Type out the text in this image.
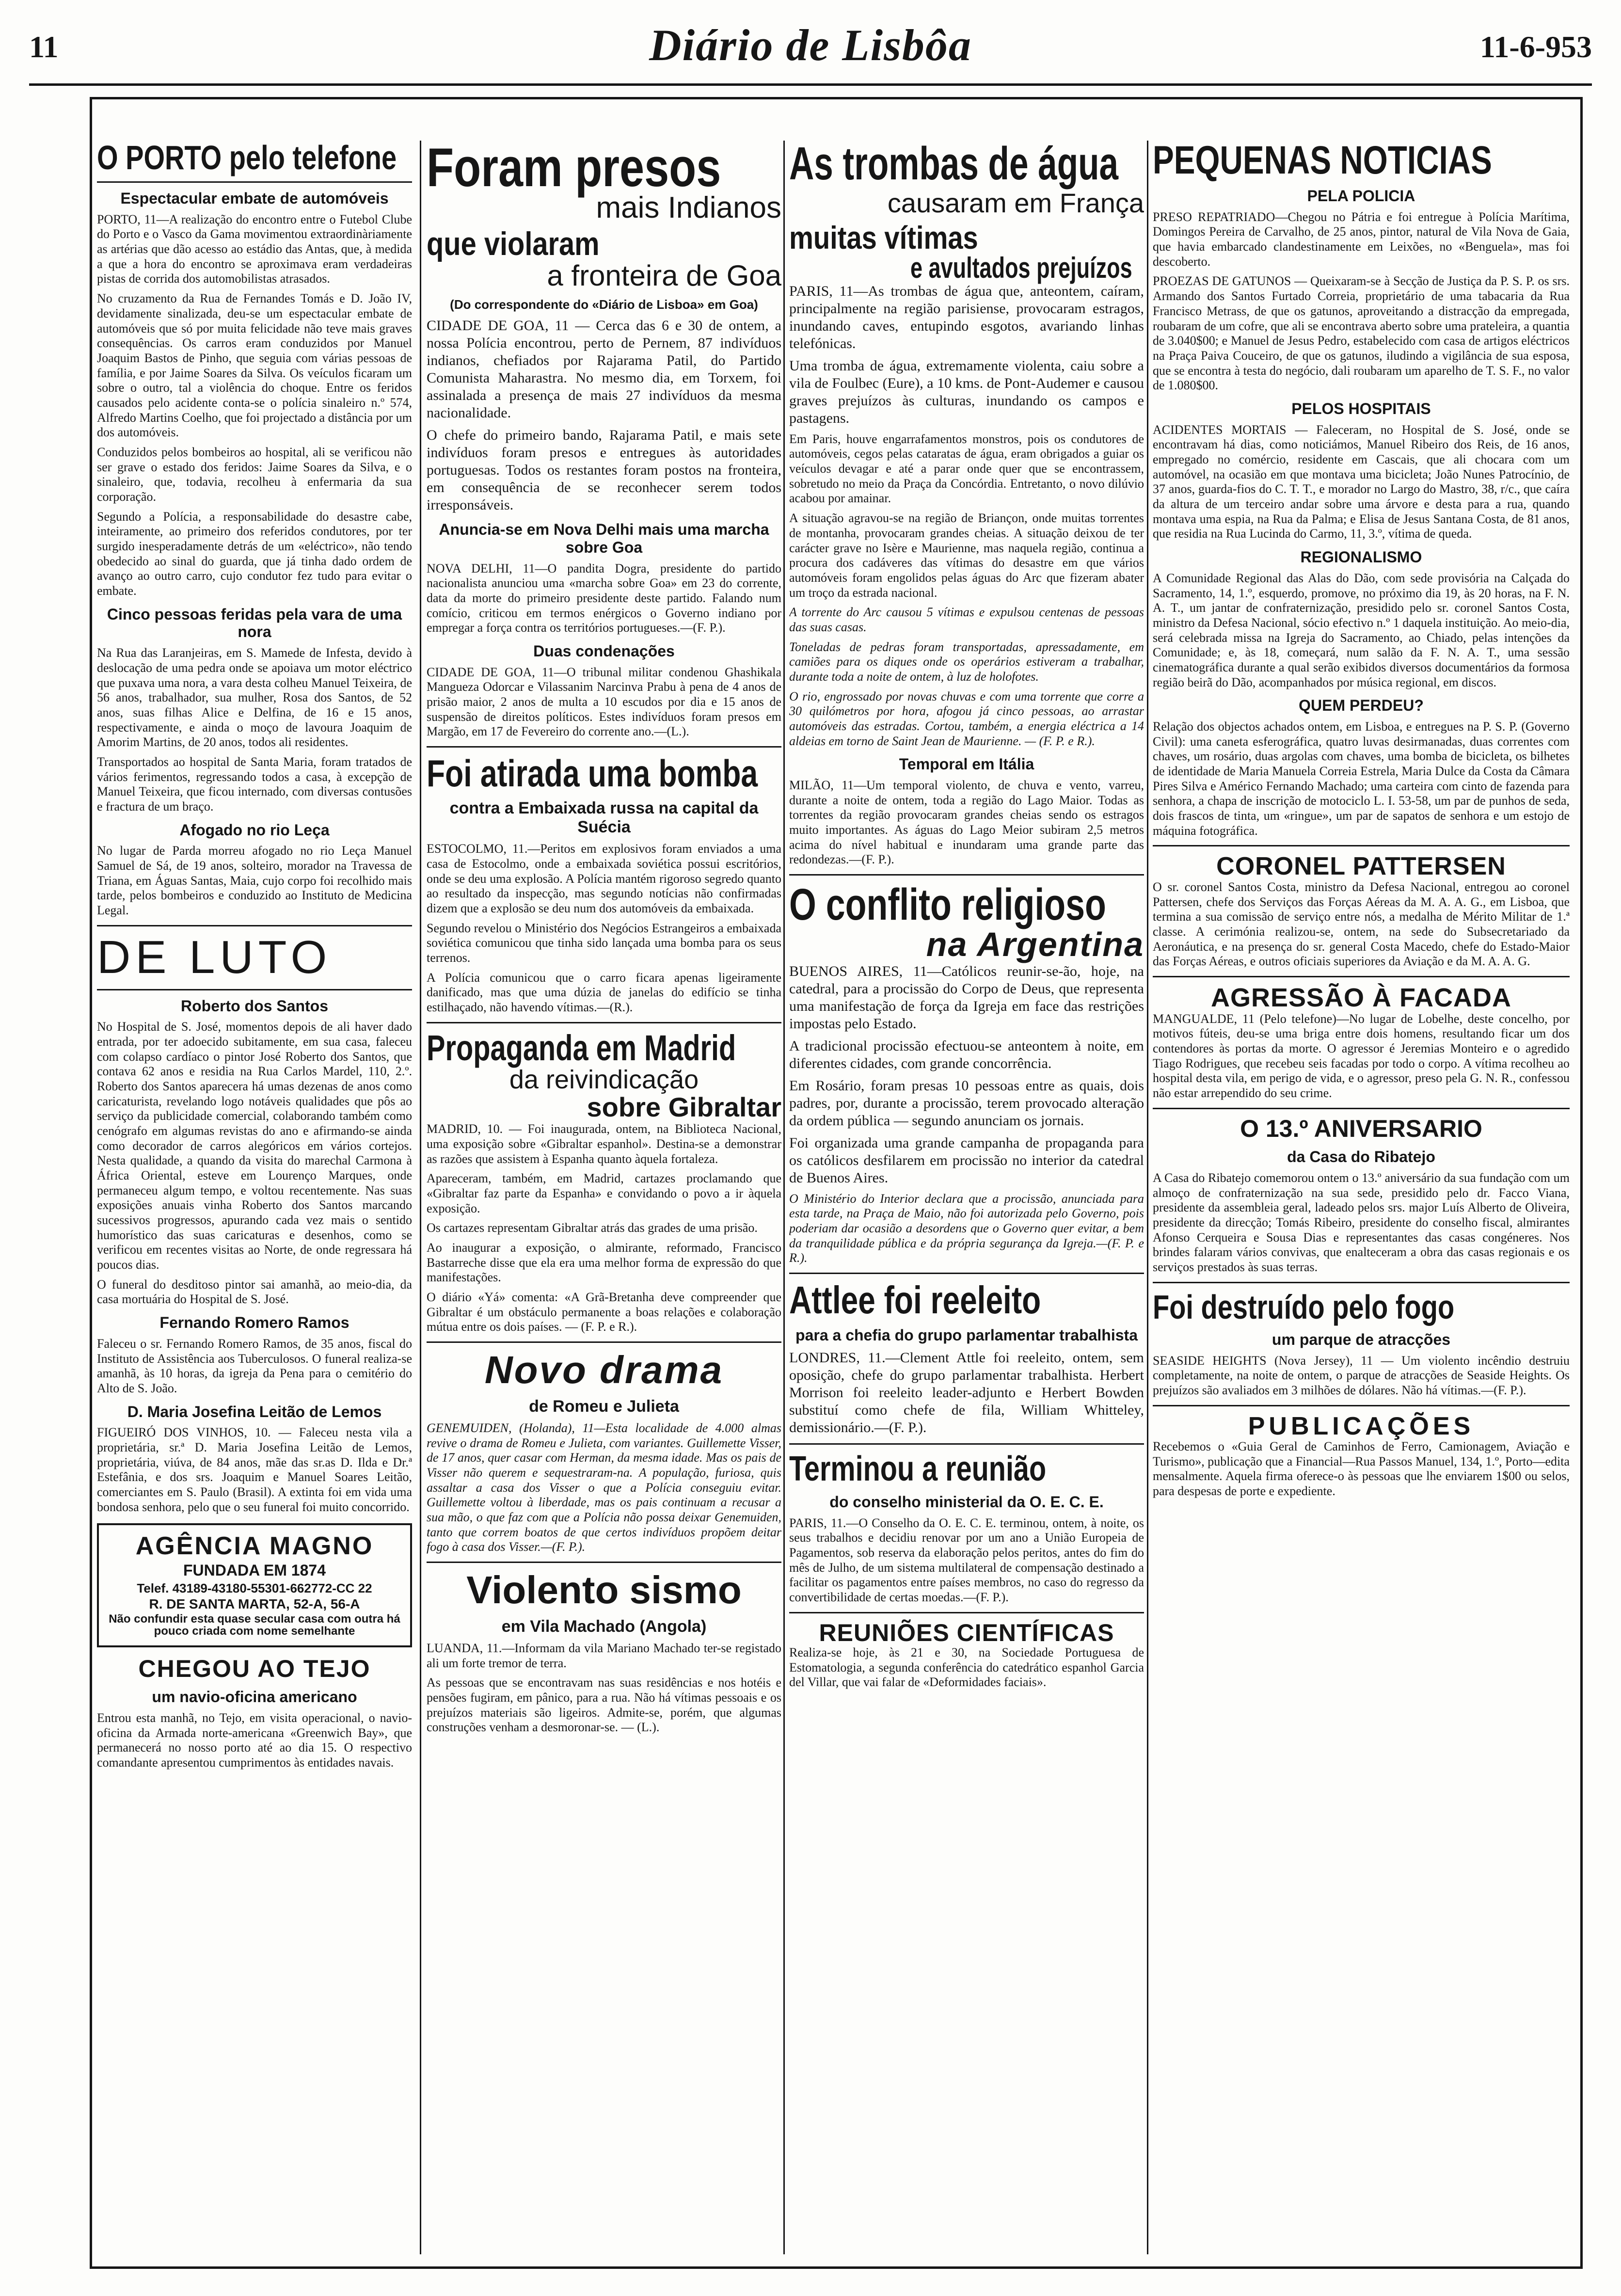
11	Diário de Lisbôa	11-6-953
O PORTO pelo telefone
Espectacular embate de automóveis

PORTO, 11—A realização do encontro entre o Futebol Clube do Porto e o Vasco da Gama movimentou extraordinàriamente as artérias que dão acesso ao estádio das Antas, que, à medida a que a hora do encontro se aproximava eram verdadeiras pistas de corrida dos automobilistas atrasados.

No cruzamento da Rua de Fernandes Tomás e D. João IV, devidamente sinalizada, deu-se um espectacular embate de automóveis que só por muita felicidade não teve mais graves consequências. Os carros eram conduzidos por Manuel Joaquim Bastos de Pinho, que seguia com várias pessoas de família, e por Jaime Soares da Silva. Os veículos ficaram um sobre o outro, tal a violência do choque. Entre os feridos causados pelo acidente conta-se o polícia sinaleiro n.º 574, Alfredo Martins Coelho, que foi projectado a distância por um dos automóveis.

Conduzidos pelos bombeiros ao hospital, ali se verificou não ser grave o estado dos feridos: Jaime Soares da Silva, e o sinaleiro, que, todavia, recolheu à enfermaria da sua corporação.

Segundo a Polícia, a responsabilidade do desastre cabe, inteiramente, ao primeiro dos referidos condutores, por ter surgido inesperadamente detrás de um «eléctrico», não tendo obedecido ao sinal do guarda, que já tinha dado ordem de avanço ao outro carro, cujo condutor fez tudo para evitar o embate.

Cinco pessoas feridas pela vara de uma nora

Na Rua das Laranjeiras, em S. Mamede de Infesta, devido à deslocação de uma pedra onde se apoiava um motor eléctrico que puxava uma nora, a vara desta colheu Manuel Teixeira, de 56 anos, trabalhador, sua mulher, Rosa dos Santos, de 52 anos, suas filhas Alice e Delfina, de 16 e 15 anos, respectivamente, e ainda o moço de lavoura Joaquim de Amorim Martins, de 20 anos, todos ali residentes.

Transportados ao hospital de Santa Maria, foram tratados de vários ferimentos, regressando todos a casa, à excepção de Manuel Teixeira, que ficou internado, com diversas contusões e fractura de um braço.

Afogado no rio Leça

No lugar de Parda morreu afogado no rio Leça Manuel Samuel de Sá, de 19 anos, solteiro, morador na Travessa de Triana, em Águas Santas, Maia, cujo corpo foi recolhido mais tarde, pelos bombeiros e conduzido ao Instituto de Medicina Legal.

DE LUTO
Roberto dos Santos

No Hospital de S. José, momentos depois de ali haver dado entrada, por ter adoecido subitamente, em sua casa, faleceu com colapso cardíaco o pintor José Roberto dos Santos, que contava 62 anos e residia na Rua Carlos Mardel, 110, 2.º. Roberto dos Santos aparecera há umas dezenas de anos como caricaturista, revelando logo notáveis qualidades que pôs ao serviço da publicidade comercial, colaborando também como cenógrafo em algumas revistas do ano e afirmando-se ainda como decorador de carros alegóricos em vários cortejos. Nesta qualidade, a quando da visita do marechal Carmona à África Oriental, esteve em Lourenço Marques, onde permaneceu algum tempo, e voltou recentemente. Nas suas exposições anuais vinha Roberto dos Santos marcando sucessivos progressos, apurando cada vez mais o sentido humorístico das suas caricaturas e desenhos, como se verificou em recentes visitas ao Norte, de onde regressara há poucos dias.

O funeral do desditoso pintor sai amanhã, ao meio-dia, da casa mortuária do Hospital de S. José.

Fernando Romero Ramos

Faleceu o sr. Fernando Romero Ramos, de 35 anos, fiscal do Instituto de Assistência aos Tuberculosos. O funeral realiza-se amanhã, às 10 horas, da igreja da Pena para o cemitério do Alto de S. João.

D. Maria Josefina Leitão de Lemos

FIGUEIRÓ DOS VINHOS, 10. — Faleceu nesta vila a proprietária, sr.ª D. Maria Josefina Leitão de Lemos, proprietária, viúva, de 84 anos, mãe das sr.as D. Ilda e Dr.ª Estefânia, e dos srs. Joaquim e Manuel Soares Leitão, comerciantes em S. Paulo (Brasil). A extinta foi em vida uma bondosa senhora, pelo que o seu funeral foi muito concorrido.

AGÊNCIA MAGNO
FUNDADA EM 1874
Telef. 43189-43180-55301-662772-CC 22
R. DE SANTA MARTA, 52-A, 56-A
Não confundir esta quase secular casa com outra há pouco criada com nome semelhante
CHEGOU AO TEJO
um navio-oficina americano

Entrou esta manhã, no Tejo, em visita operacional, o navio-oficina da Armada norte-americana «Greenwich Bay», que permanecerá no nosso porto até ao dia 15. O respectivo comandante apresentou cumprimentos às entidades navais.

Foram presos
mais Indianos
que violaram
a fronteira de Goa
(Do correspondente do «Diário de Lisboa» em Goa)

CIDADE DE GOA, 11 — Cerca das 6 e 30 de ontem, a nossa Polícia encontrou, perto de Pernem, 87 indivíduos indianos, chefiados por Rajarama Patil, do Partido Comunista Maharastra. No mesmo dia, em Torxem, foi assinalada a presença de mais 27 indivíduos da mesma nacionalidade.

O chefe do primeiro bando, Rajarama Patil, e mais sete indivíduos foram presos e entregues às autoridades portuguesas. Todos os restantes foram postos na fronteira, em consequência de se reconhecer serem todos irresponsáveis.

Anuncia-se em Nova Delhi mais uma marcha sobre Goa

NOVA DELHI, 11—O pandita Dogra, presidente do partido nacionalista anunciou uma «marcha sobre Goa» em 23 do corrente, data da morte do primeiro presidente deste partido. Falando num comício, criticou em termos enérgicos o Governo indiano por empregar a força contra os territórios portugueses.—(F. P.).

Duas condenações

CIDADE DE GOA, 11—O tribunal militar condenou Ghashikala Mangueza Odorcar e Vilassanim Narcinva Prabu à pena de 4 anos de prisão maior, 2 anos de multa a 10 escudos por dia e 15 anos de suspensão de direitos políticos. Estes indivíduos foram presos em Margão, em 17 de Fevereiro do corrente ano.—(L.).

Foi atirada uma bomba
contra a Embaixada russa na capital da Suécia

ESTOCOLMO, 11.—Peritos em explosivos foram enviados a uma casa de Estocolmo, onde a embaixada soviética possui escritórios, onde se deu uma explosão. A Polícia mantém rigoroso segredo quanto ao resultado da inspecção, mas segundo notícias não confirmadas dizem que a explosão se deu num dos automóveis da embaixada.

Segundo revelou o Ministério dos Negócios Estrangeiros a embaixada soviética comunicou que tinha sido lançada uma bomba para os seus terrenos.

A Polícia comunicou que o carro ficara apenas ligeiramente danificado, mas que uma dúzia de janelas do edifício se tinha estilhaçado, não havendo vítimas.—(R.).

Propaganda em Madrid
da reivindicação
sobre Gibraltar

MADRID, 10. — Foi inaugurada, ontem, na Biblioteca Nacional, uma exposição sobre «Gibraltar espanhol». Destina-se a demonstrar as razões que assistem à Espanha quanto àquela fortaleza.

Apareceram, também, em Madrid, cartazes proclamando que «Gibraltar faz parte da Espanha» e convidando o povo a ir àquela exposição.

Os cartazes representam Gibraltar atrás das grades de uma prisão.

Ao inaugurar a exposição, o almirante, reformado, Francisco Bastarreche disse que ela era uma melhor forma de expressão do que manifestações.

O diário «Yá» comenta: «A Grã-Bretanha deve compreender que Gibraltar é um obstáculo permanente a boas relações e colaboração mútua entre os dois países. — (F. P. e R.).

Novo drama
de Romeu e Julieta

GENEMUIDEN, (Holanda), 11—Esta localidade de 4.000 almas revive o drama de Romeu e Julieta, com variantes. Guillemette Visser, de 17 anos, quer casar com Herman, da mesma idade. Mas os pais de Visser não querem e sequestraram-na. A população, furiosa, quis assaltar a casa dos Visser o que a Polícia conseguiu evitar. Guillemette voltou à liberdade, mas os pais continuam a recusar a sua mão, o que faz com que a Polícia não possa deixar Genemuiden, tanto que correm boatos de que certos indivíduos propõem deitar fogo à casa dos Visser.—(F. P.).

Violento sismo
em Vila Machado (Angola)

LUANDA, 11.—Informam da vila Mariano Machado ter-se registado ali um forte tremor de terra.

As pessoas que se encontravam nas suas residências e nos hotéis e pensões fugiram, em pânico, para a rua. Não há vítimas pessoais e os prejuízos materiais são ligeiros. Admite-se, porém, que algumas construções venham a desmoronar-se. — (L.).

As trombas de água
causaram em França
muitas vítimas
e avultados prejuízos

PARIS, 11—As trombas de água que, anteontem, caíram, principalmente na região parisiense, provocaram estragos, inundando caves, entupindo esgotos, avariando linhas telefónicas.

Uma tromba de água, extremamente violenta, caiu sobre a vila de Foulbec (Eure), a 10 kms. de Pont-Audemer e causou graves prejuízos às culturas, inundando os campos e pastagens.

Em Paris, houve engarrafamentos monstros, pois os condutores de automóveis, cegos pelas cataratas de água, eram obrigados a guiar os veículos devagar e até a parar onde quer que se encontrassem, sobretudo no meio da Praça da Concórdia. Entretanto, o novo dilúvio acabou por amainar.

A situação agravou-se na região de Briançon, onde muitas torrentes de montanha, provocaram grandes cheias. A situação deixou de ter carácter grave no Isère e Maurienne, mas naquela região, continua a procura dos cadáveres das vítimas do desastre em que vários automóveis foram engolidos pelas águas do Arc que fizeram abater um troço da estrada nacional.

A torrente do Arc causou 5 vítimas e expulsou centenas de pessoas das suas casas.

Toneladas de pedras foram transportadas, apressadamente, em camiões para os diques onde os operários estiveram a trabalhar, durante toda a noite de ontem, à luz de holofotes.

O rio, engrossado por novas chuvas e com uma torrente que corre a 30 quilómetros por hora, afogou já cinco pessoas, ao arrastar automóveis das estradas. Cortou, também, a energia eléctrica a 14 aldeias em torno de Saint Jean de Maurienne. — (F. P. e R.).

Temporal em Itália

MILÃO, 11—Um temporal violento, de chuva e vento, varreu, durante a noite de ontem, toda a região do Lago Maior. Todas as torrentes da região provocaram grandes cheias sendo os estragos muito importantes. As águas do Lago Meior subiram 2,5 metros acima do nível habitual e inundaram uma grande parte das redondezas.—(F. P.).

O conflito religioso
na Argentina

BUENOS AIRES, 11—Católicos reunir-se-ão, hoje, na catedral, para a procissão do Corpo de Deus, que representa uma manifestação de força da Igreja em face das restrições impostas pelo Estado.

A tradicional procissão efectuou-se anteontem à noite, em diferentes cidades, com grande concorrência.

Em Rosário, foram presas 10 pessoas entre as quais, dois padres, por, durante a procissão, terem provocado alteração da ordem pública — segundo anunciam os jornais.

Foi organizada uma grande campanha de propaganda para os católicos desfilarem em procissão no interior da catedral de Buenos Aires.

O Ministério do Interior declara que a procissão, anunciada para esta tarde, na Praça de Maio, não foi autorizada pelo Governo, pois poderiam dar ocasião a desordens que o Governo quer evitar, a bem da tranquilidade pública e da própria segurança da Igreja.—(F. P. e R.).

Attlee foi reeleito
para a chefia do grupo parlamentar trabalhista

LONDRES, 11.—Clement Attle foi reeleito, ontem, sem oposição, chefe do grupo parlamentar trabalhista. Herbert Morrison foi reeleito leader-adjunto e Herbert Bowden substituí como chefe de fila, William Whitteley, demissionário.—(F. P.).

Terminou a reunião
do conselho ministerial da O. E. C. E.

PARIS, 11.—O Conselho da O. E. C. E. terminou, ontem, à noite, os seus trabalhos e decidiu renovar por um ano a União Europeia de Pagamentos, sob reserva da elaboração pelos peritos, antes do fim do mês de Julho, de um sistema multilateral de compensação destinado a facilitar os pagamentos entre países membros, no caso do regresso da convertibilidade de certas moedas.—(F. P.).

REUNIÕES CIENTÍFICAS

Realiza-se hoje, às 21 e 30, na Sociedade Portuguesa de Estomatologia, a segunda conferência do catedrático espanhol Garcia del Villar, que vai falar de «Deformidades faciais».

PEQUENAS NOTICIAS
PELA POLICIA

PRESO REPATRIADO—Chegou no Pátria e foi entregue à Polícia Marítima, Domingos Pereira de Carvalho, de 25 anos, pintor, natural de Vila Nova de Gaia, que havia embarcado clandestinamente em Leixões, no «Benguela», mas foi descoberto.

PROEZAS DE GATUNOS — Queixaram-se à Secção de Justiça da P. S. P. os srs. Armando dos Santos Furtado Correia, proprietário de uma tabacaria da Rua Francisco Metrass, de que os gatunos, aproveitando a distracção da empregada, roubaram de um cofre, que ali se encontrava aberto sobre uma prateleira, a quantia de 3.040$00; e Manuel de Jesus Pedro, estabelecido com casa de artigos eléctricos na Praça Paiva Couceiro, de que os gatunos, iludindo a vigilância de sua esposa, que se encontra à testa do negócio, dali roubaram um aparelho de T. S. F., no valor de 1.080$00.

PELOS HOSPITAIS

ACIDENTES MORTAIS — Faleceram, no Hospital de S. José, onde se encontravam há dias, como noticiámos, Manuel Ribeiro dos Reis, de 16 anos, empregado no comércio, residente em Cascais, que ali chocara com um automóvel, na ocasião em que montava uma bicicleta; João Nunes Patrocínio, de 37 anos, guarda-fios do C. T. T., e morador no Largo do Mastro, 38, r/c., que caíra da altura de um terceiro andar sobre uma árvore e desta para a rua, quando montava uma espia, na Rua da Palma; e Elisa de Jesus Santana Costa, de 81 anos, que residia na Rua Lucinda do Carmo, 11, 3.º, vítima de queda.

REGIONALISMO

A Comunidade Regional das Alas do Dão, com sede provisória na Calçada do Sacramento, 14, 1.º, esquerdo, promove, no próximo dia 19, às 20 horas, na F. N. A. T., um jantar de confraternização, presidido pelo sr. coronel Santos Costa, ministro da Defesa Nacional, sócio efectivo n.º 1 daquela instituição. Ao meio-dia, será celebrada missa na Igreja do Sacramento, ao Chiado, pelas intenções da Comunidade; e, às 18, começará, num salão da F. N. A. T., uma sessão cinematográfica durante a qual serão exibidos diversos documentários da formosa região beirã do Dão, acompanhados por música regional, em discos.

QUEM PERDEU?

Relação dos objectos achados ontem, em Lisboa, e entregues na P. S. P. (Governo Civil): uma caneta esferográfica, quatro luvas desirmanadas, duas correntes com chaves, um rosário, duas argolas com chaves, uma bomba de bicicleta, os bilhetes de identidade de Maria Manuela Correia Estrela, Maria Dulce da Costa da Câmara Pires Silva e Américo Fernando Machado; uma carteira com cinto de fazenda para senhora, a chapa de inscrição de motociclo L. I. 53-58, um par de punhos de seda, dois frascos de tinta, um «ringue», um par de sapatos de senhora e um estojo de máquina fotográfica.

CORONEL PATTERSEN

O sr. coronel Santos Costa, ministro da Defesa Nacional, entregou ao coronel Pattersen, chefe dos Serviços das Forças Aéreas da M. A. A. G., em Lisboa, que termina a sua comissão de serviço entre nós, a medalha de Mérito Militar de 1.ª classe. A cerimónia realizou-se, ontem, na sede do Subsecretariado da Aeronáutica, e na presença do sr. general Costa Macedo, chefe do Estado-Maior das Forças Aéreas, e outros oficiais superiores da Aviação e da M. A. A. G.

AGRESSÃO À FACADA

MANGUALDE, 11 (Pelo telefone)—No lugar de Lobelhe, deste concelho, por motivos fúteis, deu-se uma briga entre dois homens, resultando ficar um dos contendores às portas da morte. O agressor é Jeremias Monteiro e o agredido Tiago Rodrigues, que recebeu seis facadas por todo o corpo. A vítima recolheu ao hospital desta vila, em perigo de vida, e o agressor, preso pela G. N. R., confessou não estar arrependido do seu crime.

O 13.º ANIVERSARIO
da Casa do Ribatejo

A Casa do Ribatejo comemorou ontem o 13.º aniversário da sua fundação com um almoço de confraternização na sua sede, presidido pelo dr. Facco Viana, presidente da assembleia geral, ladeado pelos srs. major Luís Alberto de Oliveira, presidente da direcção; Tomás Ribeiro, presidente do conselho fiscal, almirantes Afonso Cerqueira e Sousa Dias e representantes das casas congéneres. Nos brindes falaram vários convivas, que enalteceram a obra das casas regionais e os serviços prestados às suas terras.

Foi destruído pelo fogo
um parque de atracções

SEASIDE HEIGHTS (Nova Jersey), 11 — Um violento incêndio destruiu completamente, na noite de ontem, o parque de atracções de Seaside Heights. Os prejuízos são avaliados em 3 milhões de dólares. Não há vítimas.—(F. P.).

PUBLICAÇÕES

Recebemos o «Guia Geral de Caminhos de Ferro, Camionagem, Aviação e Turismo», publicação que a Financial—Rua Passos Manuel, 134, 1.º, Porto—edita mensalmente. Aquela firma oferece-o às pessoas que lhe enviarem 1$00 ou selos, para despesas de porte e expediente.
